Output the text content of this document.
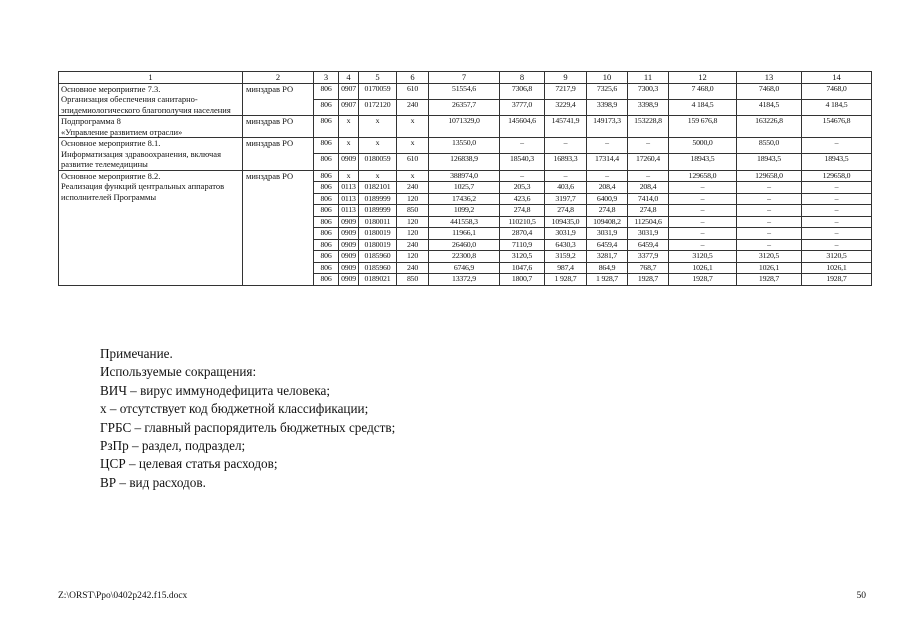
1	2	3	4	5	6	7	8	9	10	11	12	13	14

Основное мероприятие 7.3.
Организация обеспечения санитарно-эпидемиологического благополучия населения	минздрав РО	806	0907	0170059	610	51554,6	7306,8	7217,9	7325,6	7300,3	7 468,0	7468,0	7468,0
		806	0907	0172120	240	26357,7	3777,0	3229,4	3398,9	3398,9	4 184,5	4184,5	4 184,5

Подпрограмма 8
«Управление развитием отрасли»	минздрав РО	806	x	x	x	1071329,0	145604,6	145741,9	149173,3	153228,8	159 676,8	163226,8	154676,8

Основное мероприятие 8.1.
Информатизация здравоохранения, включая развитие телемедицины	минздрав РО	806	x	x	x	13550,0	–	–	–	–	5000,0	8550,0	–
		806	0909	0180059	610	126838,9	18540,3	16893,3	17314,4	17260,4	18943,5	18943,5	18943,5

Основное мероприятие 8.2.
Реализация функций центральных аппаратов исполнителей Программы	минздрав РО	806	x	x	x	388974,0	–	–	–	–	129658,0	129658,0	129658,0
		806	0113	0182101	240	1025,7	205,3	403,6	208,4	208,4	–	–	–
		806	0113	0189999	120	17436,2	423,6	3197,7	6400,9	7414,0	–	–	–
		806	0113	0189999	850	1099,2	274,8	274,8	274,8	274,8	–	–	–
		806	0909	0180011	120	441558,3	110210,5	109435,0	109408,2	112504,6	–	–	–
		806	0909	0180019	120	11966,1	2870,4	3031,9	3031,9	3031,9	–	–	–
		806	0909	0180019	240	26460,0	7110,9	6430,3	6459,4	6459,4	–	–	–
		806	0909	0185960	120	22300,8	3120,5	3159,2	3281,7	3377,9	3120,5	3120,5	3120,5
		806	0909	0185960	240	6746,9	1047,6	987,4	864,9	768,7	1026,1	1026,1	1026,1
		806	0909	0189021	850	13372,9	1800,7	1 928,7	1 928,7	1928,7	1928,7	1928,7	1928,7
Примечание.
Используемые сокращения:
ВИЧ – вирус иммунодефицита человека;
х – отсутствует код бюджетной классификации;
ГРБС – главный распорядитель бюджетных средств;
РзПр – раздел, подраздел;
ЦСР – целевая статья расходов;
ВР – вид расходов.
Z:\ORST\Ppo\0402p242.f15.docx	50
